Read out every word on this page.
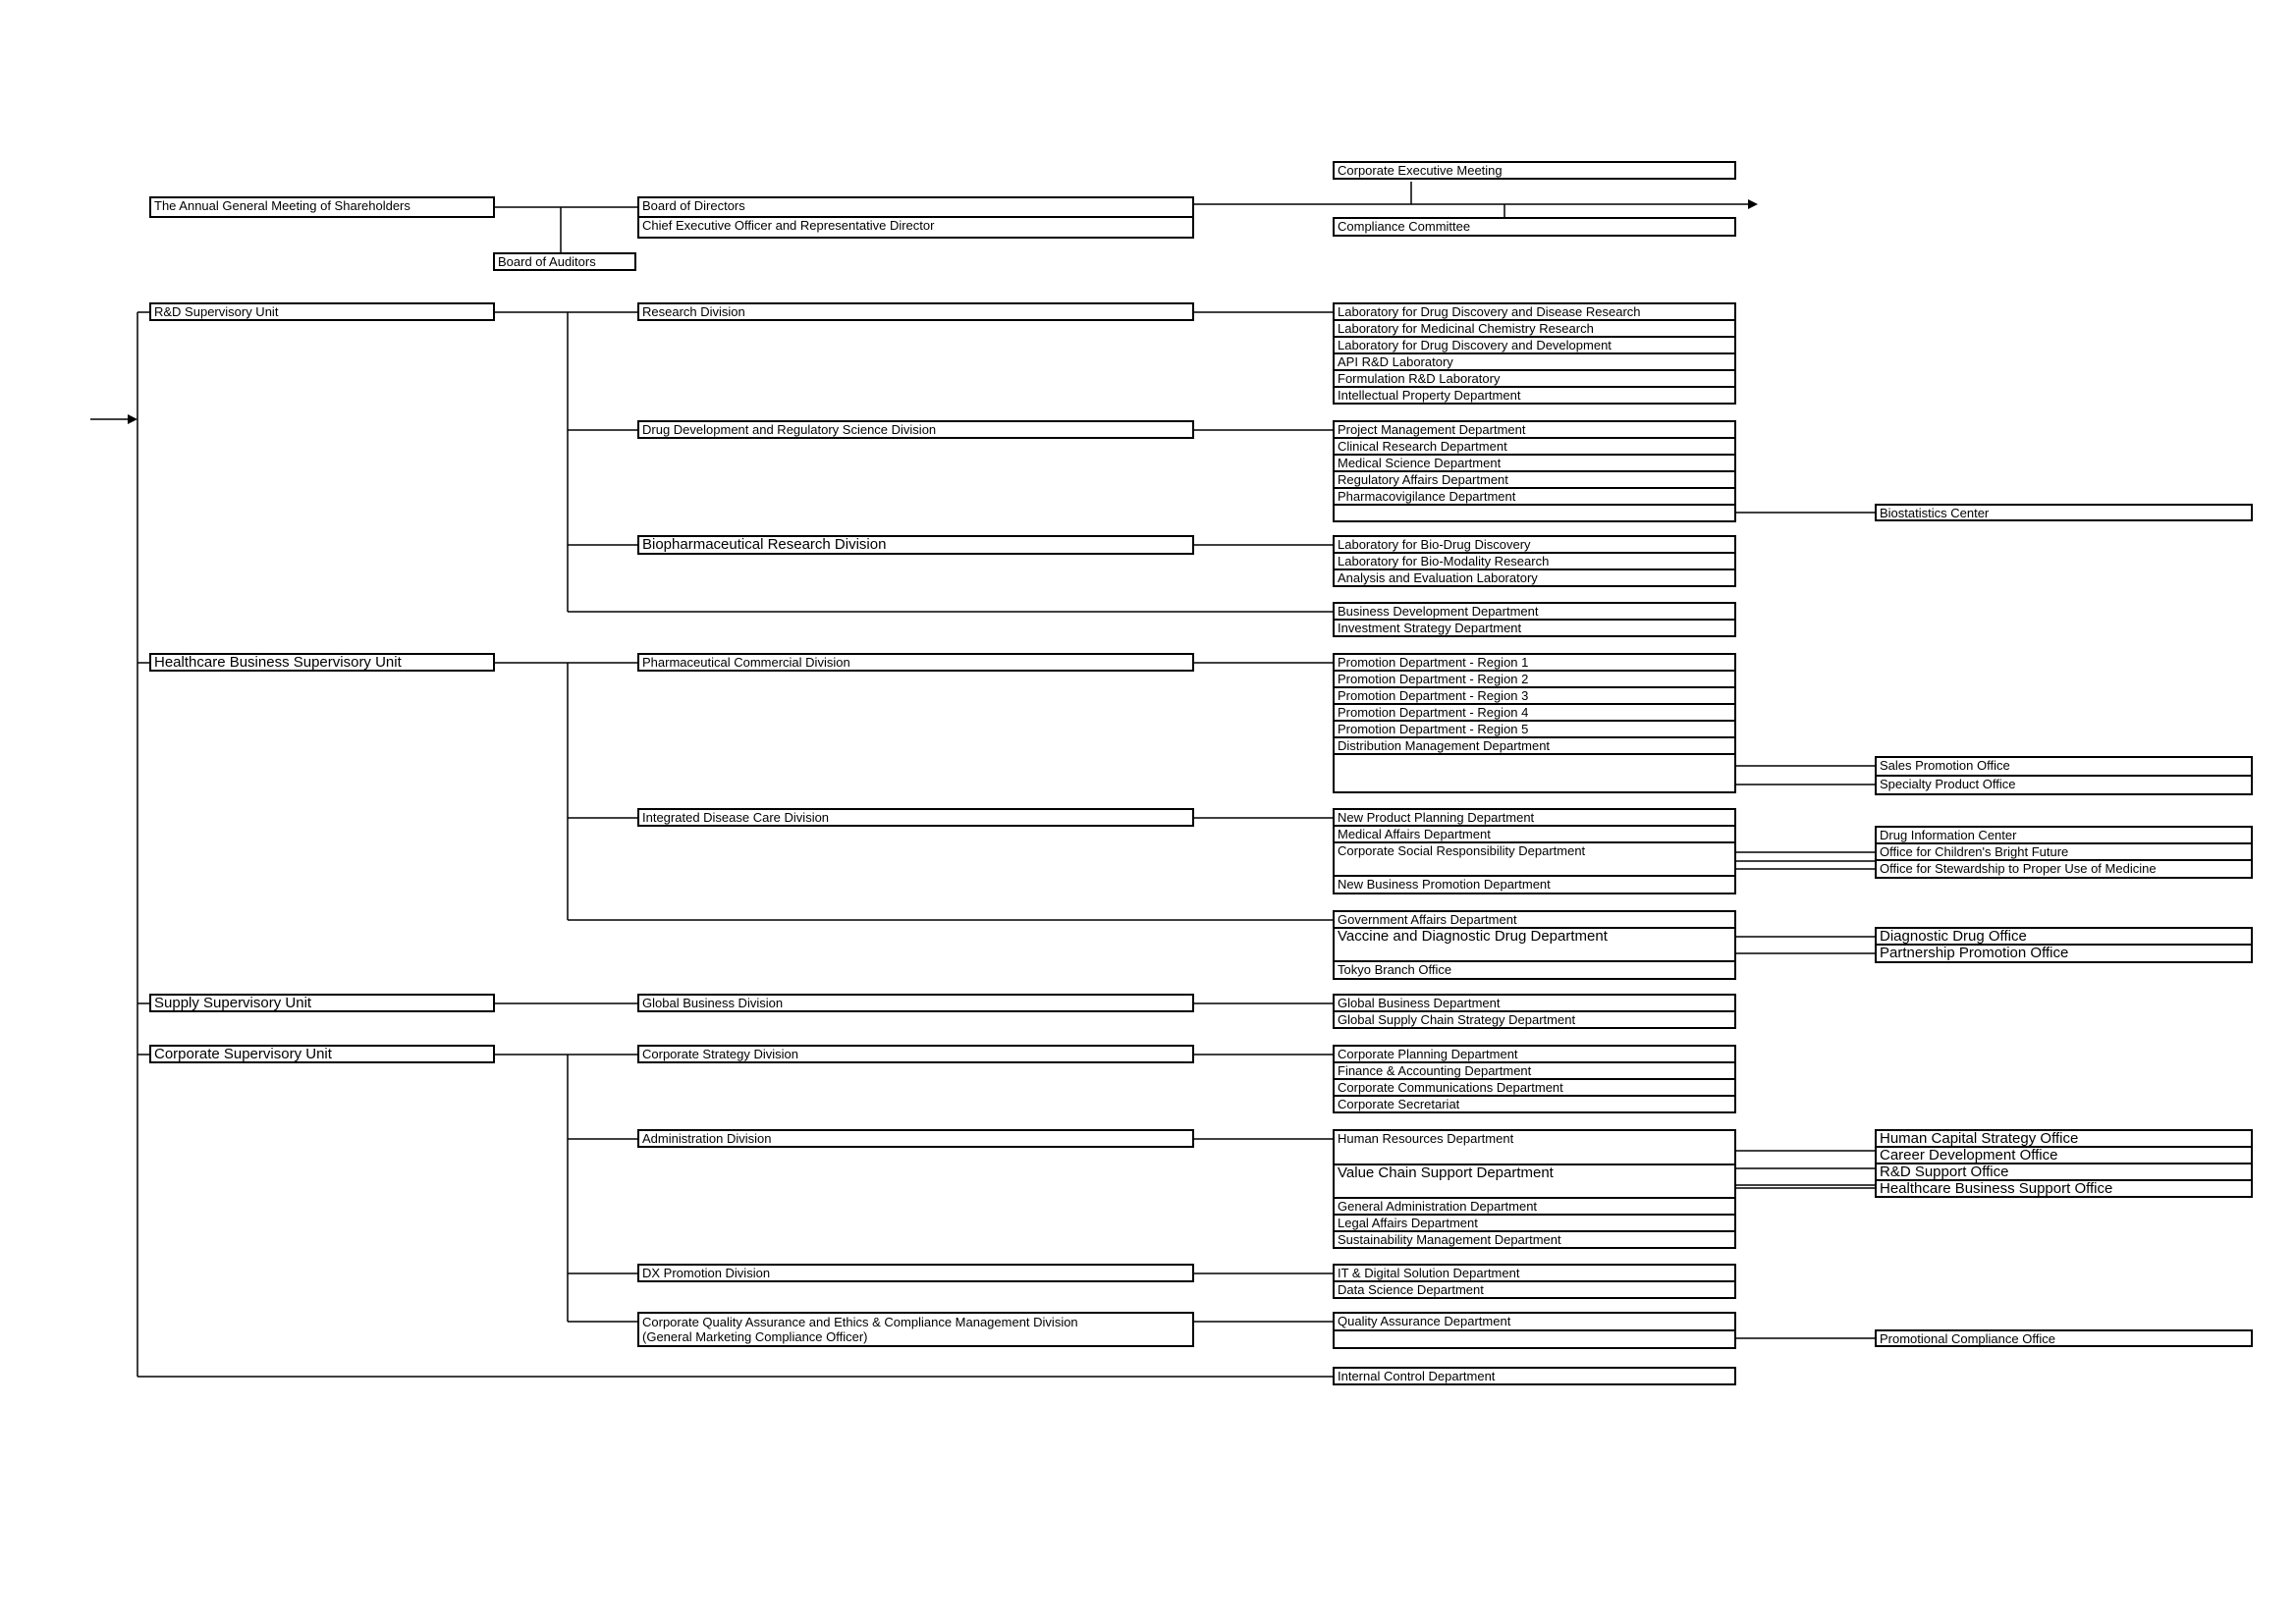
The Annual General Meeting of Shareholders	Board of Directors
Chief Executive Officer and Representative Director
Board of Auditors
Corporate Executive Meeting
Compliance Committee
R&D Supervisory Unit
Healthcare Business Supervisory Unit
Supply Supervisory Unit
Corporate Supervisory Unit
Research Division
Drug Development and Regulatory Science Division
Biopharmaceutical Research Division
Pharmaceutical Commercial Division
Integrated Disease Care Division
Global Business Division
Corporate Strategy Division
Administration Division
DX Promotion Division
Corporate Quality Assurance and Ethics & Compliance Management Division
(General Marketing Compliance Officer)
Laboratory for Drug Discovery and Disease Research
Laboratory for Medicinal Chemistry Research
Laboratory for Drug Discovery and Development
API R&D Laboratory
Formulation R&D Laboratory
Intellectual Property Department
Project Management Department
Clinical Research Department
Medical Science Department
Regulatory Affairs Department
Pharmacovigilance Department
Laboratory for Bio-Drug Discovery
Laboratory for Bio-Modality Research
Analysis and Evaluation Laboratory
Business Development Department
Investment Strategy Department
Promotion Department - Region 1
Promotion Department - Region 2
Promotion Department - Region 3
Promotion Department - Region 4
Promotion Department - Region 5
Distribution Management Department
New Product Planning Department
Medical Affairs Department
Corporate Social Responsibility Department
New Business Promotion Department
Government Affairs Department
Vaccine and Diagnostic Drug Department
Tokyo Branch Office
Global Business Department
Global Supply Chain Strategy Department
Corporate Planning Department
Finance & Accounting Department
Corporate Communications Department
Corporate Secretariat
Human Resources Department
Value Chain Support Department
General Administration Department
Legal Affairs Department
Sustainability Management Department
IT & Digital Solution Department
Data Science Department
Quality Assurance Department
Internal Control Department
Biostatistics Center
Sales Promotion Office
Specialty Product Office
Drug Information Center
Office for Children's Bright Future
Office for Stewardship to Proper Use of Medicine
Diagnostic Drug Office
Partnership Promotion Office
Human Capital Strategy Office
Career Development Office
R&D Support Office
Healthcare Business Support Office
Promotional Compliance Office
